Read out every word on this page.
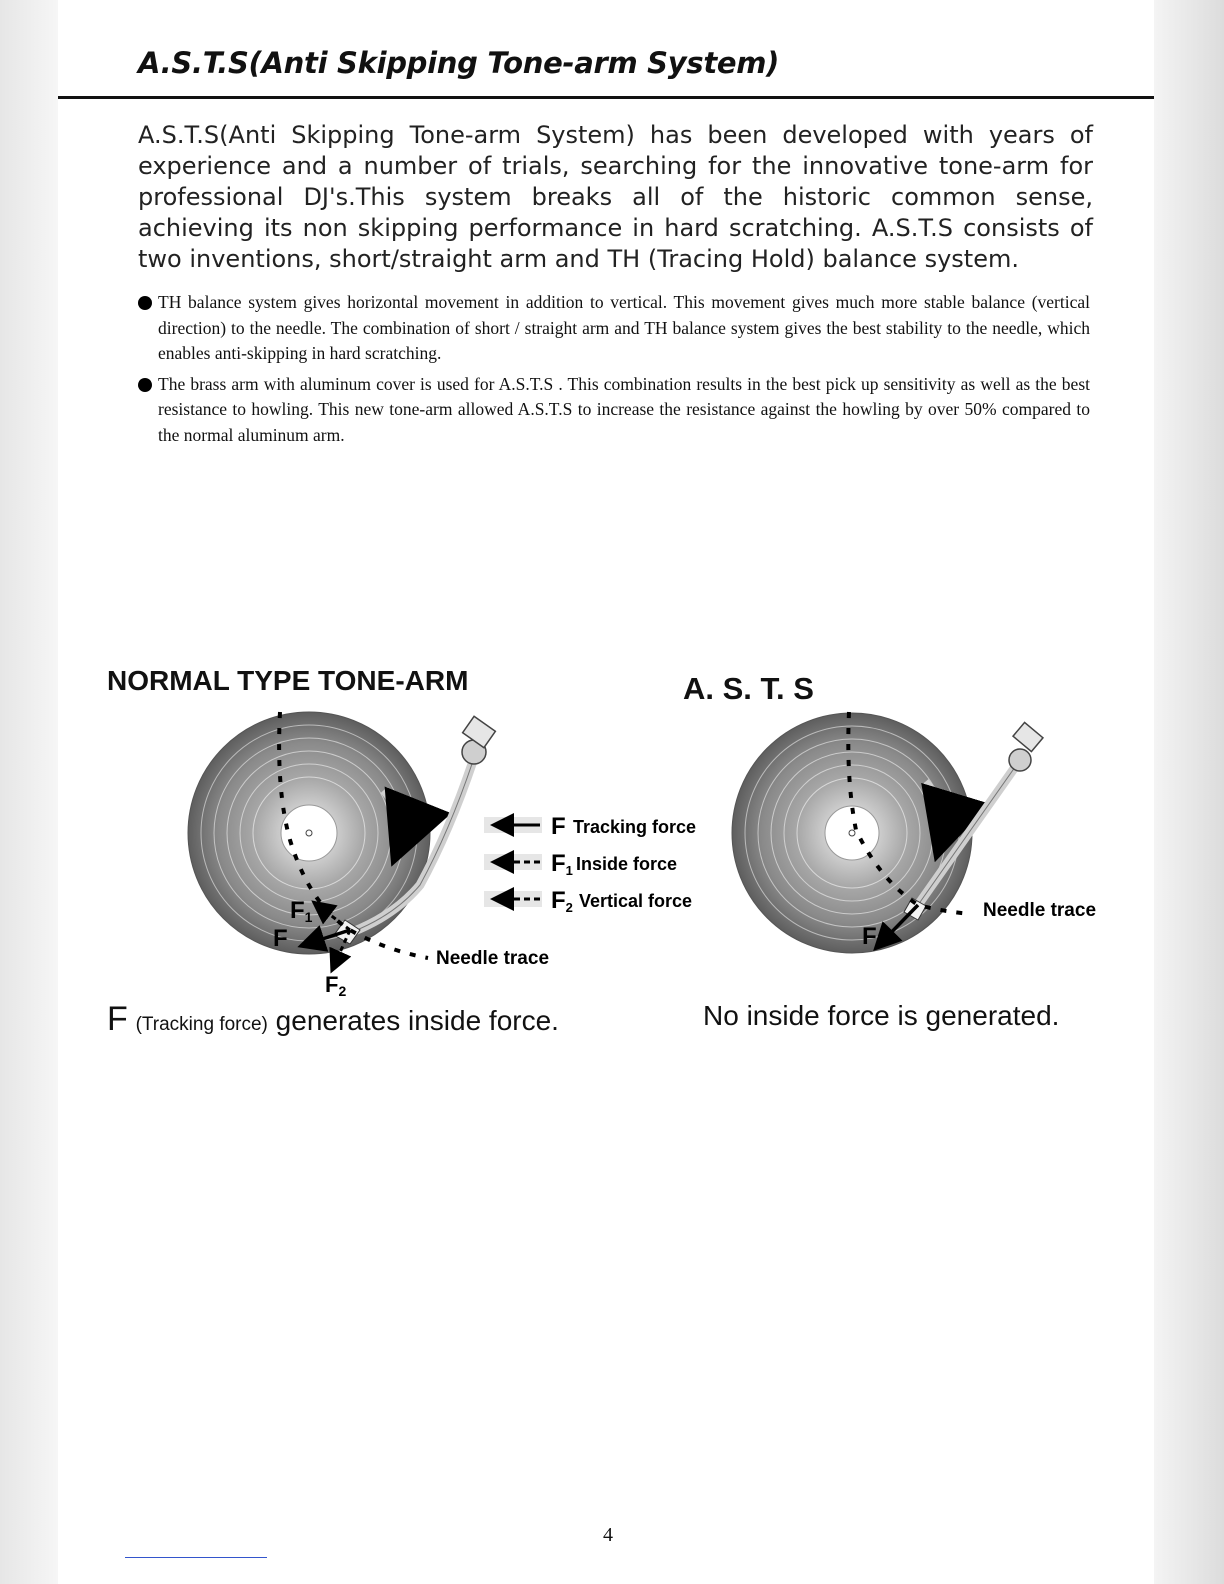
A.S.T.S(Anti Skipping Tone-arm System)
A.S.T.S(Anti Skipping Tone-arm System) has been developed with years of experience and a number of trials, searching for the innovative tone-arm for professional DJ's.This system breaks all of the historic common sense, achieving its non skipping performance in hard scratching. A.S.T.S consists of two inventions, short/straight arm and TH (Tracing Hold) balance system.
TH balance system gives horizontal movement in addition to vertical. This movement gives much more stable balance (vertical direction) to the needle. The combination of short / straight arm and TH balance system gives the best stability to the needle, which enables anti-skipping in hard scratching.
The brass arm with aluminum cover is used for A.S.T.S . This combination results in the best pick up sensitivity as well as the best resistance to howling. This new tone-arm allowed A.S.T.S to increase the resistance against the howling by over 50% compared to the normal aluminum arm.
NORMAL TYPE TONE-ARM	A. S. T. S
F1
F
F2
Needle trace
F Tracking force
F1 Inside force
F2 Vertical force
F
Needle trace
F (Tracking force) generates inside force.	No inside force is generated.
4
